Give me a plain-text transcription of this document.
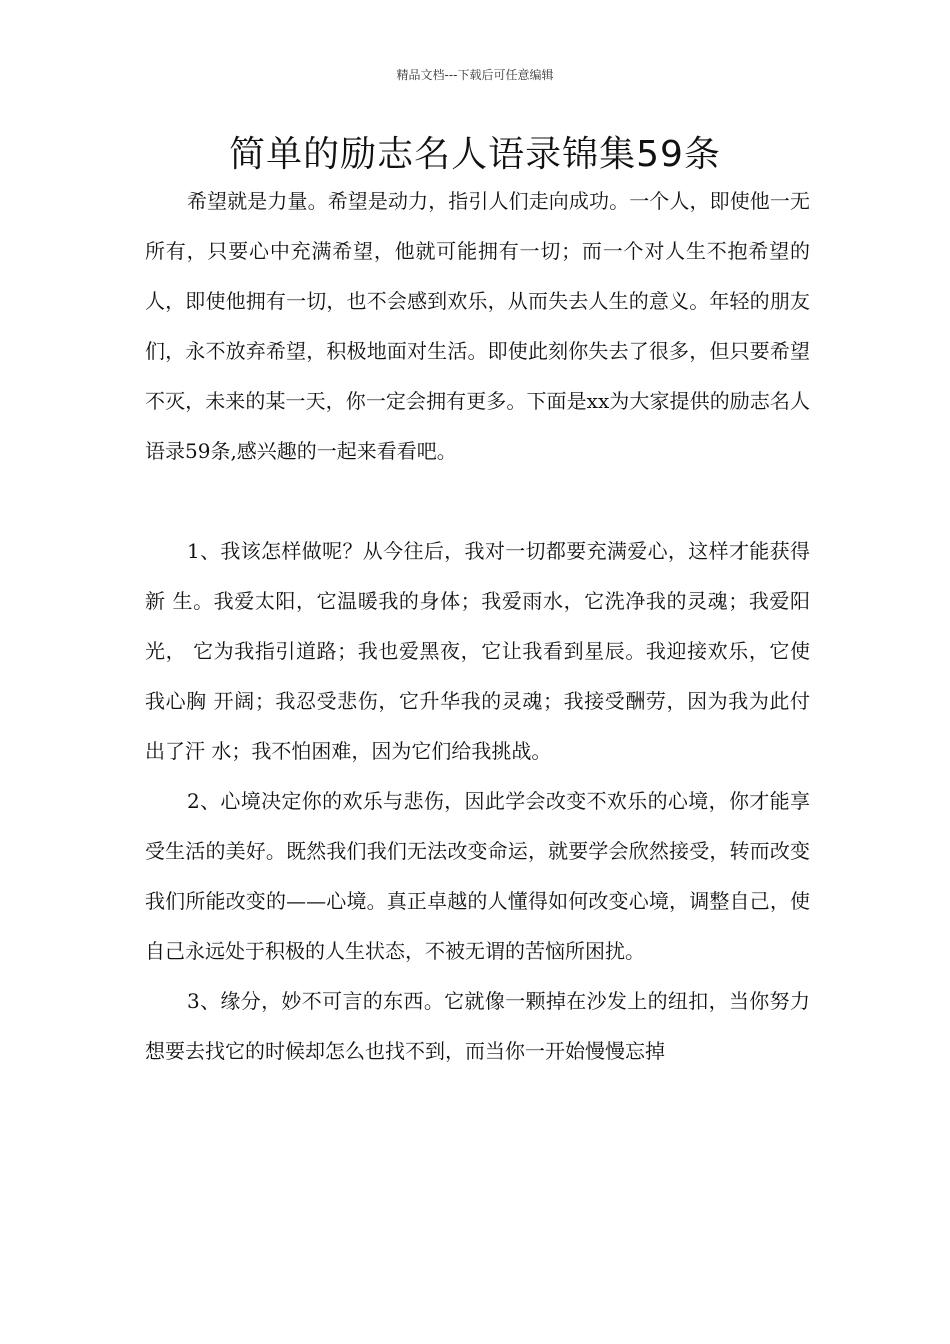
精品文档---下载后可任意编辑
简单的励志名人语录锦集59条

希望就是力量。希望是动力，指引人们走向成功。一个人，即使他一无所有，只要心中充满希望，他就可能拥有一切；而一个对人生不抱希望的人，即使他拥有一切，也不会感到欢乐，从而失去人生的意义。年轻的朋友们，永不放弃希望，积极地面对生活。即使此刻你失去了很多，但只要希望不灭，未来的某一天，你一定会拥有更多。下面是xx为大家提供的励志名人语录59条,感兴趣的一起来看看吧。

1、我该怎样做呢？从今往后，我对一切都要充满爱心，这样才能获得新 生。我爱太阳，它温暖我的身体；我爱雨水，它洗净我的灵魂；我爱阳光， 它为我指引道路；我也爱黑夜，它让我看到星辰。我迎接欢乐，它使我心胸 开阔；我忍受悲伤，它升华我的灵魂；我接受酬劳，因为我为此付出了汗 水；我不怕困难，因为它们给我挑战。

2、心境决定你的欢乐与悲伤，因此学会改变不欢乐的心境，你才能享受生活的美好。既然我们我们无法改变命运，就要学会欣然接受，转而改变我们所能改变的——心境。真正卓越的人懂得如何改变心境，调整自己，使自己永远处于积极的人生状态，不被无谓的苦恼所困扰。

3、缘分，妙不可言的东西。它就像一颗掉在沙发上的纽扣，当你努力想要去找它的时候却怎么也找不到，而当你一开始慢慢忘掉
